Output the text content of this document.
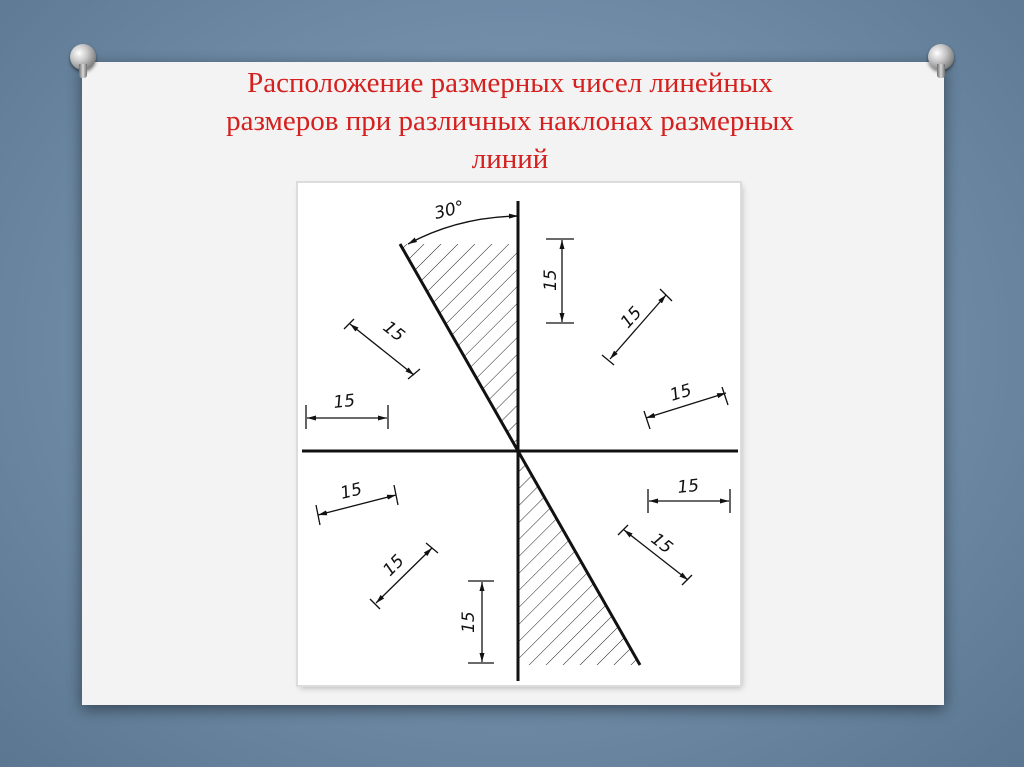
Расположение размерных чисел линейных
размеров при различных наклонах размерных
линий
30°
15
15
15
15
15
15
15
15
15
15
